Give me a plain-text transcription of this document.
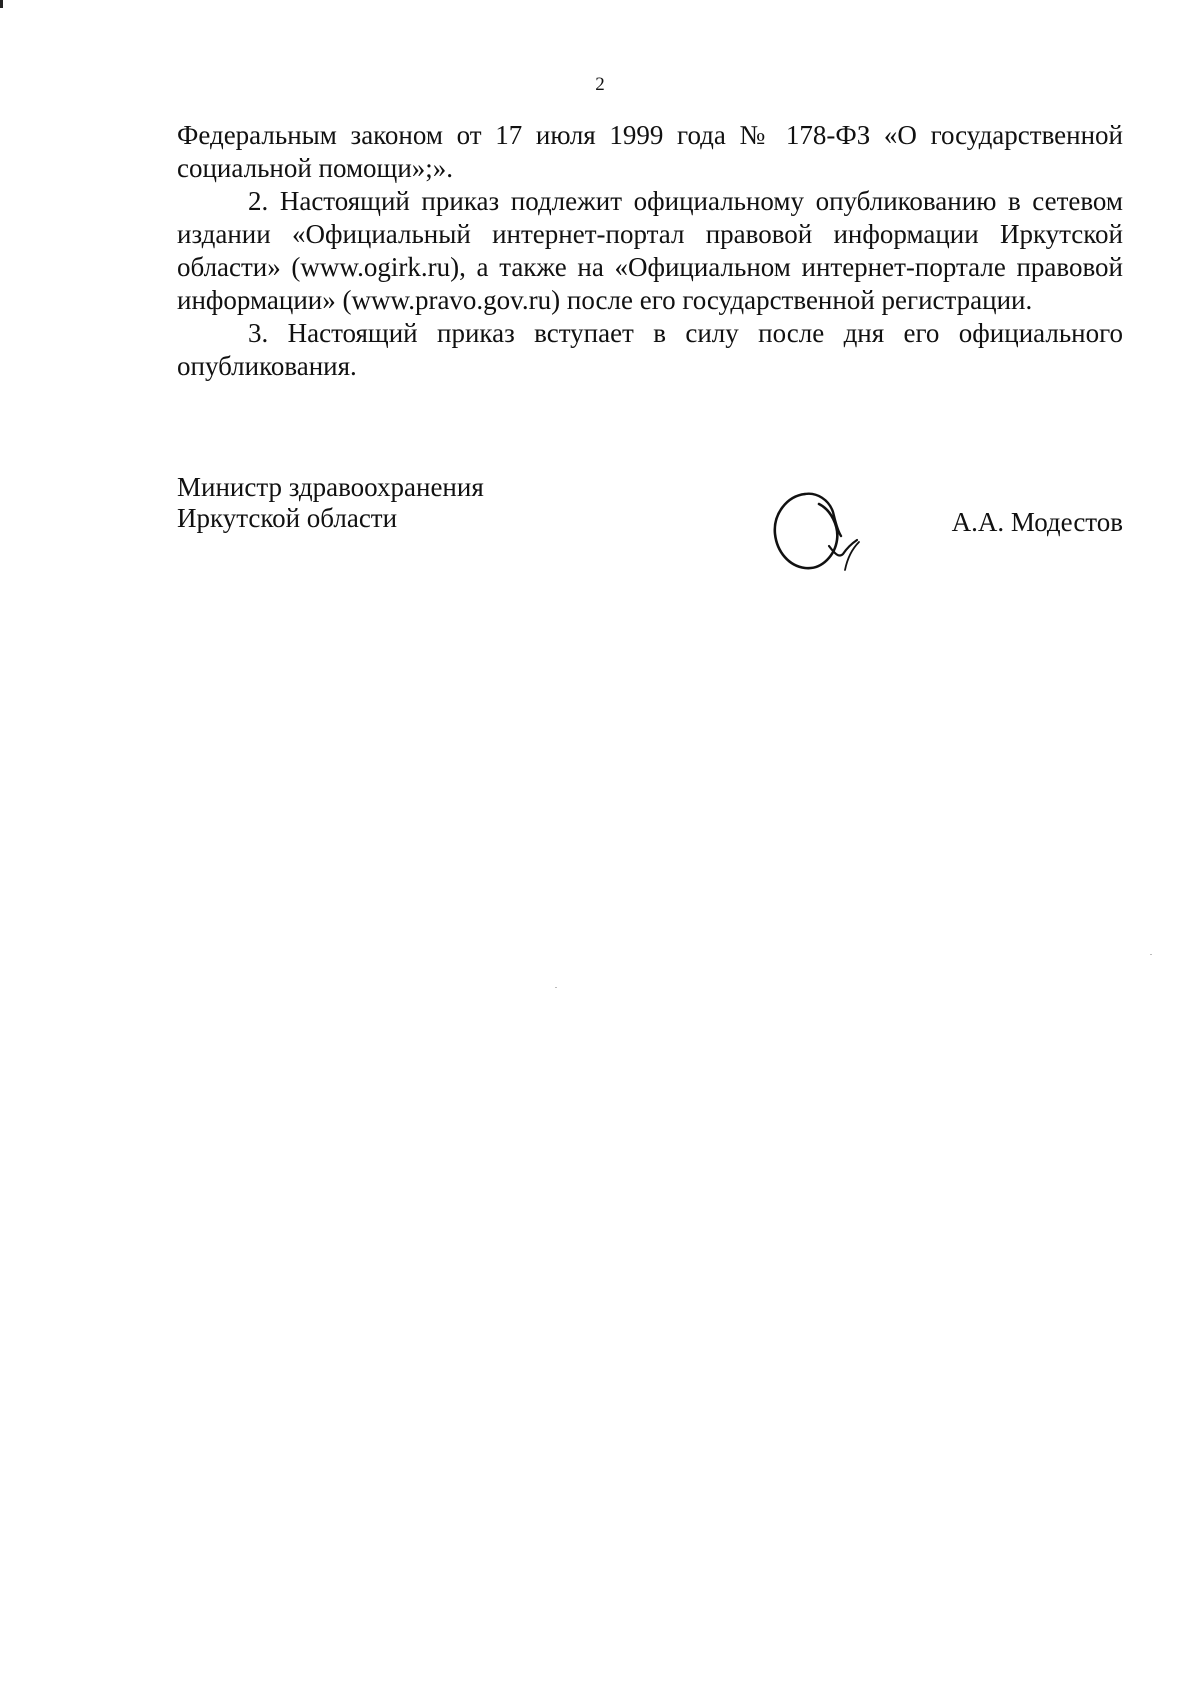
2

Федеральным законом от 17 июля 1999 года № 178-ФЗ «О государственной социальной помощи»;».

2. Настоящий приказ подлежит официальному опубликованию в сетевом издании «Официальный интернет-портал правовой информации Иркутской области» (www.ogirk.ru), а также на «Официальном интернет-портале правовой информации» (www.pravo.gov.ru) после его государственной регистрации.

3. Настоящий приказ вступает в силу после дня его официального опубликования.

Министр здравоохранения
Иркутской области	А.А. Модестов
